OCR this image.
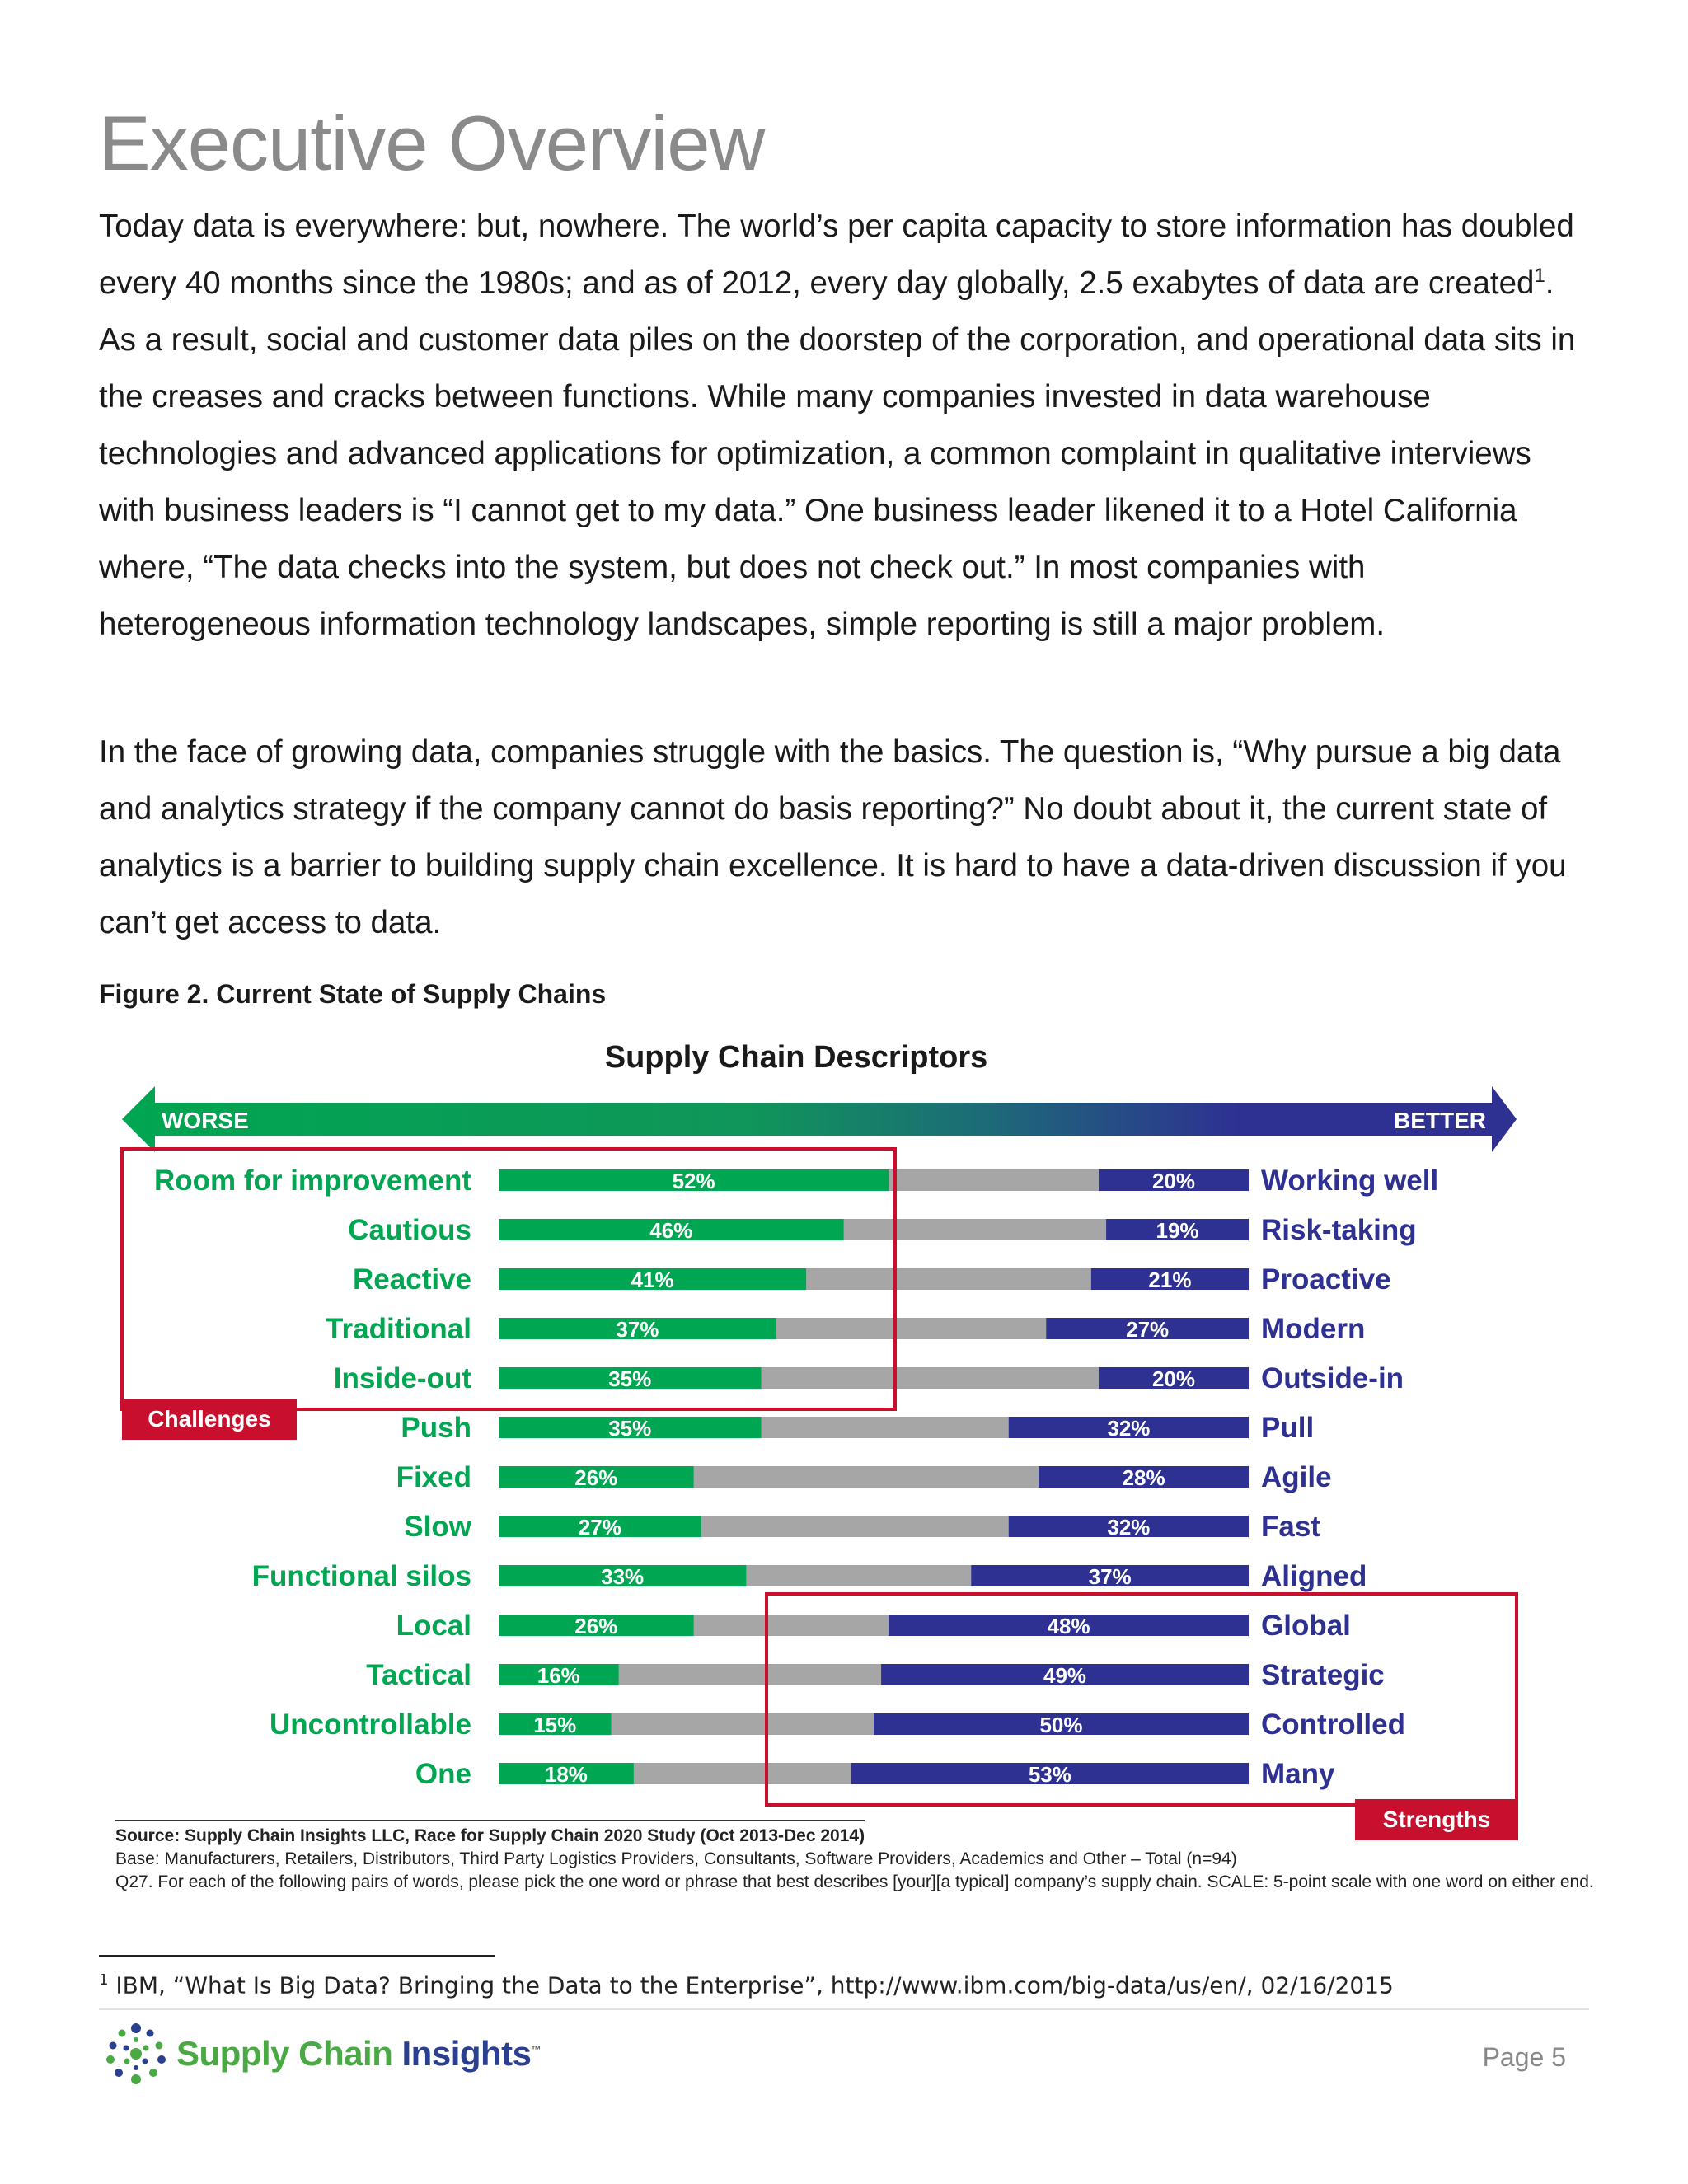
Executive Overview

Today data is everywhere: but, nowhere. The world’s per capita capacity to store information has doubled every 40 months since the 1980s; and as of 2012, every day globally, 2.5 exabytes of data are created$^1$. As a result, social and customer data piles on the doorstep of the corporation, and operational data sits in the creases and cracks between functions. While many companies invested in data warehouse technologies and advanced applications for optimization, a common complaint in qualitative interviews with business leaders is “I cannot get to my data.” One business leader likened it to a Hotel California where, “The data checks into the system, but does not check out.” In most companies with heterogeneous information technology landscapes, simple reporting is still a major problem.

In the face of growing data, companies struggle with the basics. The question is, “Why pursue a big data and analytics strategy if the company cannot do basis reporting?” No doubt about it, the current state of analytics is a barrier to building supply chain excellence. It is hard to have a data-driven discussion if you can’t get access to data.

Figure 2. Current State of Supply Chains

Supply Chain Descriptors
WORSE	BETTER
52%	20%
Room for improvement	Working well
46%	19%
Cautious	Risk-taking
41%	21%
Reactive	Proactive
37%	27%
Traditional	Modern
35%	20%
Inside-out	Outside-in
35%	32%
Push	Pull
26%	28%
Fixed	Agile
27%	32%
Slow	Fast
33%	37%
Functional silos	Aligned
26%	48%
Local	Global
16%	49%
Tactical	Strategic
15%	50%
Uncontrollable	Controlled
18%	53%
One	Many
Challenges
Strengths
Source: Supply Chain Insights LLC, Race for Supply Chain 2020 Study (Oct 2013-Dec 2014)
Base: Manufacturers, Retailers, Distributors, Third Party Logistics Providers, Consultants, Software Providers, Academics and Other – Total (n=94)
Q27. For each of the following pairs of words, please pick the one word or phrase that best describes [your][a typical] company’s supply chain. SCALE: 5-point scale with one word on either end.
$^1$ IBM, “What Is Big Data? Bringing the Data to the Enterprise”, http://www.ibm.com/big-data/us/en/, 02/16/2015
Supply Chain Insights™	Page 5
